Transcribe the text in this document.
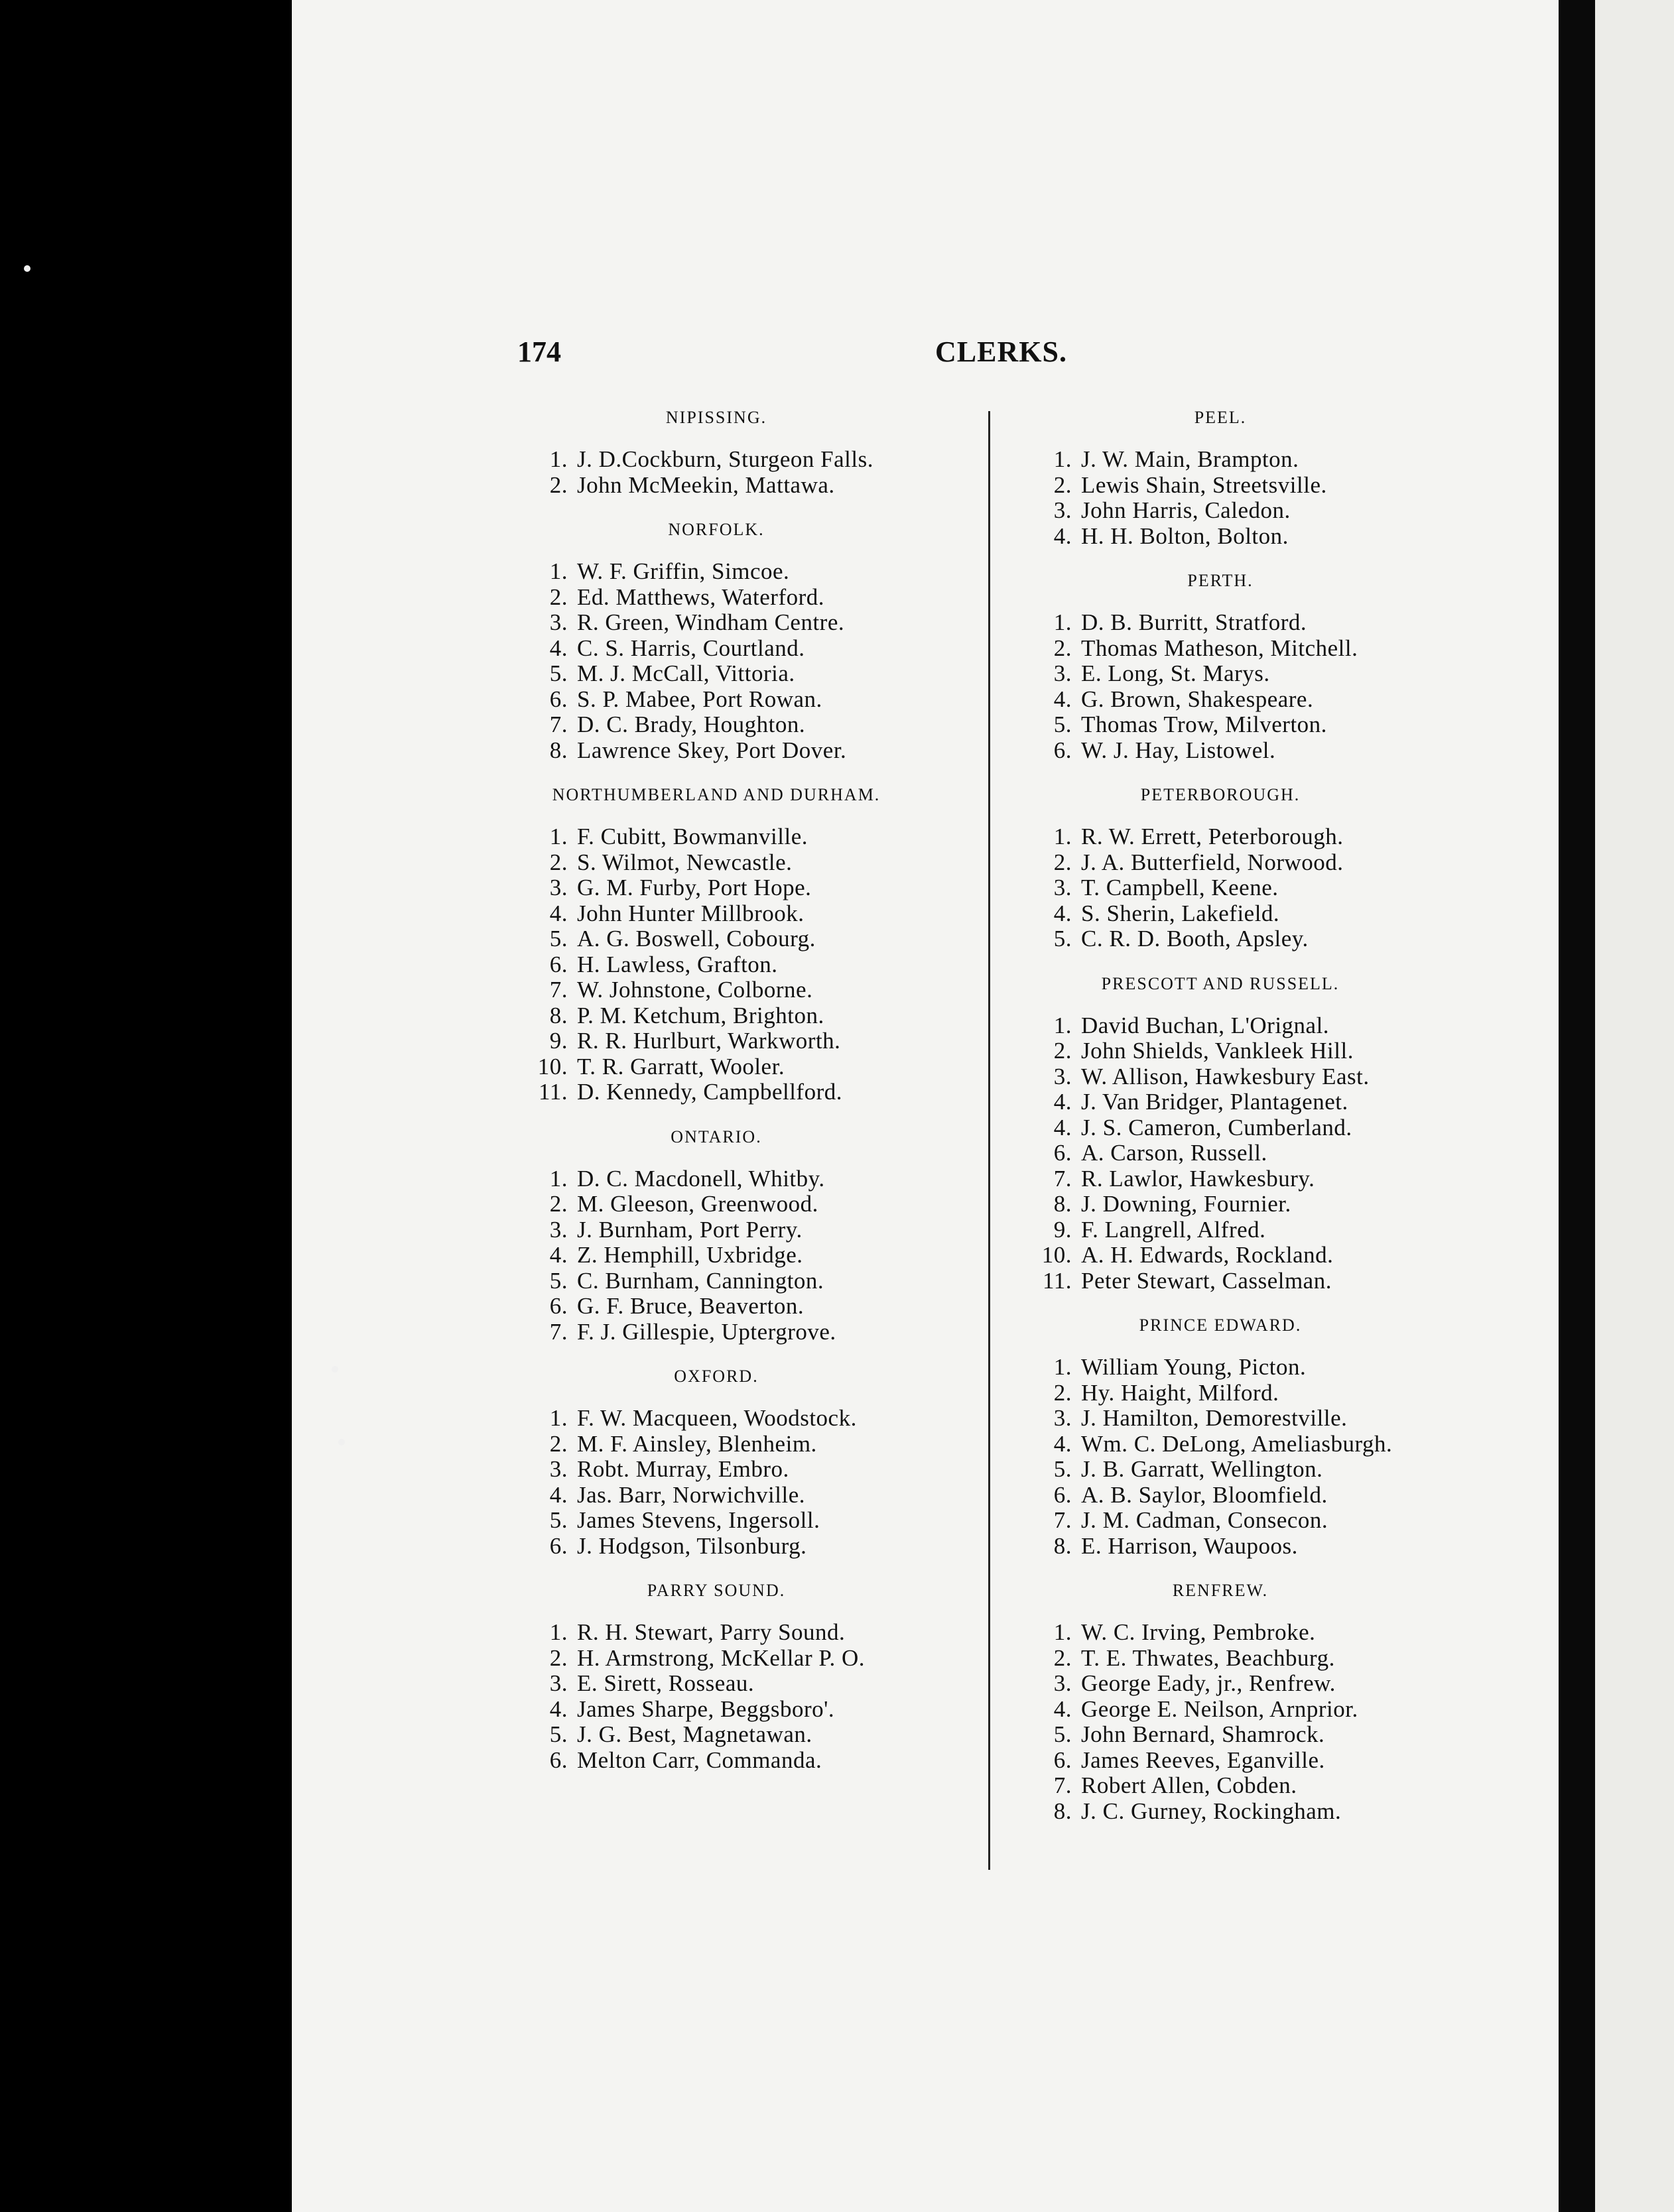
174	CLERKS.
NIPISSING.
1. J. D.Cockburn, Sturgeon Falls.
2. John McMeekin, Mattawa.
NORFOLK.
1. W. F. Griffin, Simcoe.
2. Ed. Matthews, Waterford.
3. R. Green, Windham Centre.
4. C. S. Harris, Courtland.
5. M. J. McCall, Vittoria.
6. S. P. Mabee, Port Rowan.
7. D. C. Brady, Houghton.
8. Lawrence Skey, Port Dover.
NORTHUMBERLAND AND DURHAM.
1. F. Cubitt, Bowmanville.
2. S. Wilmot, Newcastle.
3. G. M. Furby, Port Hope.
4. John Hunter Millbrook.
5. A. G. Boswell, Cobourg.
6. H. Lawless, Grafton.
7. W. Johnstone, Colborne.
8. P. M. Ketchum, Brighton.
9. R. R. Hurlburt, Warkworth.
10. T. R. Garratt, Wooler.
11. D. Kennedy, Campbellford.
ONTARIO.
1. D. C. Macdonell, Whitby.
2. M. Gleeson, Greenwood.
3. J. Burnham, Port Perry.
4. Z. Hemphill, Uxbridge.
5. C. Burnham, Cannington.
6. G. F. Bruce, Beaverton.
7. F. J. Gillespie, Uptergrove.
OXFORD.
1. F. W. Macqueen, Woodstock.
2. M. F. Ainsley, Blenheim.
3. Robt. Murray, Embro.
4. Jas. Barr, Norwichville.
5. James Stevens, Ingersoll.
6. J. Hodgson, Tilsonburg.
PARRY SOUND.
1. R. H. Stewart, Parry Sound.
2. H. Armstrong, McKellar P. O.
3. E. Sirett, Rosseau.
4. James Sharpe, Beggsboro'.
5. J. G. Best, Magnetawan.
6. Melton Carr, Commanda.
PEEL.
1. J. W. Main, Brampton.
2. Lewis Shain, Streetsville.
3. John Harris, Caledon.
4. H. H. Bolton, Bolton.
PERTH.
1. D. B. Burritt, Stratford.
2. Thomas Matheson, Mitchell.
3. E. Long, St. Marys.
4. G. Brown, Shakespeare.
5. Thomas Trow, Milverton.
6. W. J. Hay, Listowel.
PETERBOROUGH.
1. R. W. Errett, Peterborough.
2. J. A. Butterfield, Norwood.
3. T. Campbell, Keene.
4. S. Sherin, Lakefield.
5. C. R. D. Booth, Apsley.
PRESCOTT AND RUSSELL.
1. David Buchan, L'Orignal.
2. John Shields, Vankleek Hill.
3. W. Allison, Hawkesbury East.
4. J. Van Bridger, Plantagenet.
4. J. S. Cameron, Cumberland.
6. A. Carson, Russell.
7. R. Lawlor, Hawkesbury.
8. J. Downing, Fournier.
9. F. Langrell, Alfred.
10. A. H. Edwards, Rockland.
11. Peter Stewart, Casselman.
PRINCE EDWARD.
1. William Young, Picton.
2. Hy. Haight, Milford.
3. J. Hamilton, Demorestville.
4. Wm. C. DeLong, Ameliasburgh.
5. J. B. Garratt, Wellington.
6. A. B. Saylor, Bloomfield.
7. J. M. Cadman, Consecon.
8. E. Harrison, Waupoos.
RENFREW.
1. W. C. Irving, Pembroke.
2. T. E. Thwates, Beachburg.
3. George Eady, jr., Renfrew.
4. George E. Neilson, Arnprior.
5. John Bernard, Shamrock.
6. James Reeves, Eganville.
7. Robert Allen, Cobden.
8. J. C. Gurney, Rockingham.
